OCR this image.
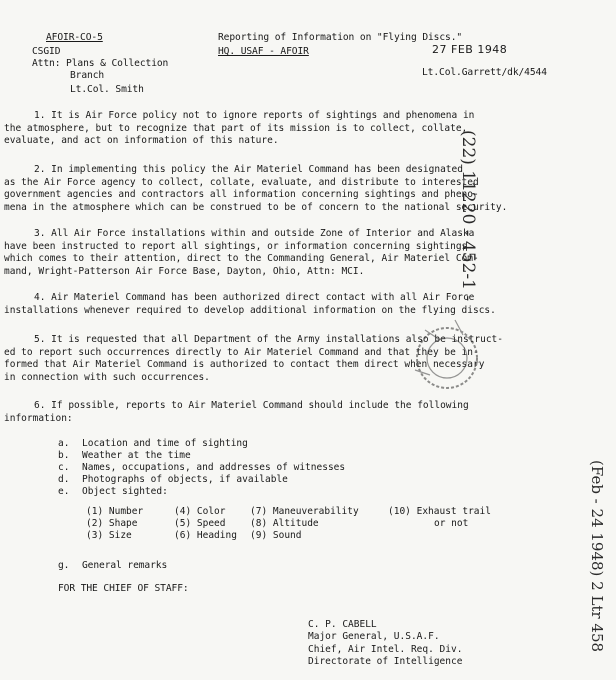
AFOIR-CO-5
CSGID
Attn: Plans & Collection
Branch
Lt.Col. Smith
Reporting of Information on "Flying Discs."
HQ. USAF - AFOIR	27 FEB 1948
Lt.Col.Garrett/dk/4544
1. It is Air Force policy not to ignore reports of sightings and phenomena in
the atmosphere, but to recognize that part of its mission is to collect, collate,
evaluate, and act on information of this nature.
2. In implementing this policy the Air Materiel Command has been designated
as the Air Force agency to collect, collate, evaluate, and distribute to interested
government agencies and contractors all information concerning sightings and pheno-
mena in the atmosphere which can be construed to be of concern to the national security.
3. All Air Force installations within and outside Zone of Interior and Alaska
have been instructed to report all sightings, or information concerning sightings
which comes to their attention, direct to the Commanding General, Air Materiel Com-
mand, Wright-Patterson Air Force Base, Dayton, Ohio, Attn: MCI.
4. Air Materiel Command has been authorized direct contact with all Air Force
installations whenever required to develop additional information on the flying discs.
5. It is requested that all Department of the Army installations also be instruct-
ed to report such occurrences directly to Air Materiel Command and that they be in-
formed that Air Materiel Command is authorized to contact them direct when necessary
in connection with such occurrences.
6. If possible, reports to Air Materiel Command should include the following
information:
a. Location and time of sighting
b. Weather at the time
c. Names, occupations, and addresses of witnesses
d. Photographs of objects, if available
e. Object sighted:
(1) Number
(2) Shape
(3) Size
(4) Color
(5) Speed
(6) Heading
(7) Maneuverability
(8) Altitude
(9) Sound
(10) Exhaust trail
or not
g. General remarks
FOR THE CHIEF OF STAFF:
C. P. CABELL
Major General, U.S.A.F.
Chief, Air Intel. Req. Div.
Directorate of Intelligence
(22) 11220 - 452-1 -
(Feb - 24 1948) 2 Ltr 458
